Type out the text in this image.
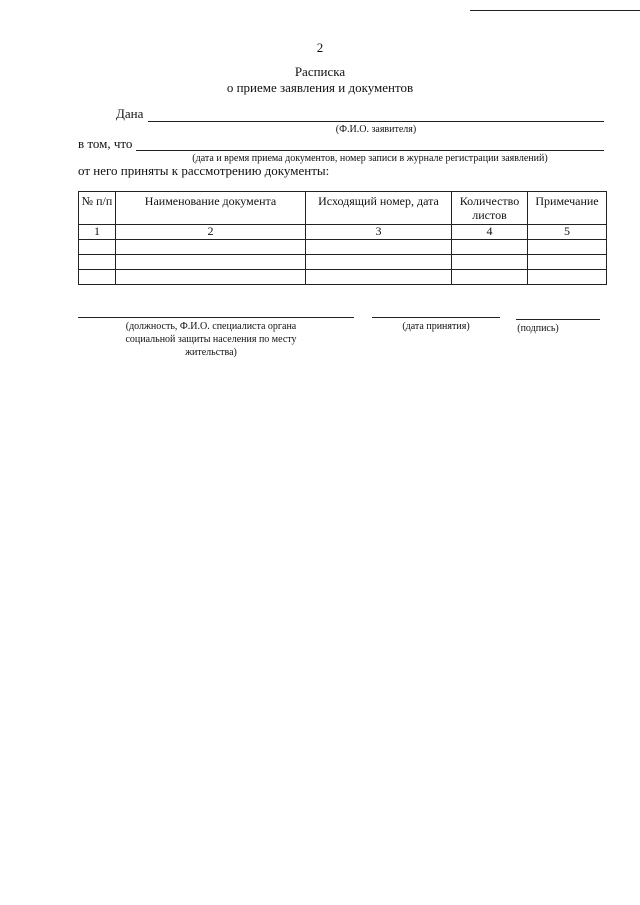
2
Расписка
о приеме заявления и документов
Дана
(Ф.И.О. заявителя)
в том, что
(дата и время приема документов, номер записи в журнале регистрации заявлений)
от него приняты к рассмотрению документы:
№ п/п	Наименование документа	Исходящий номер, дата	Количество листов	Примечание
1	2	3	4	5

(должность, Ф.И.О. специалиста органа социальной защиты населения по месту жительства)
(дата принятия)	(подпись)
